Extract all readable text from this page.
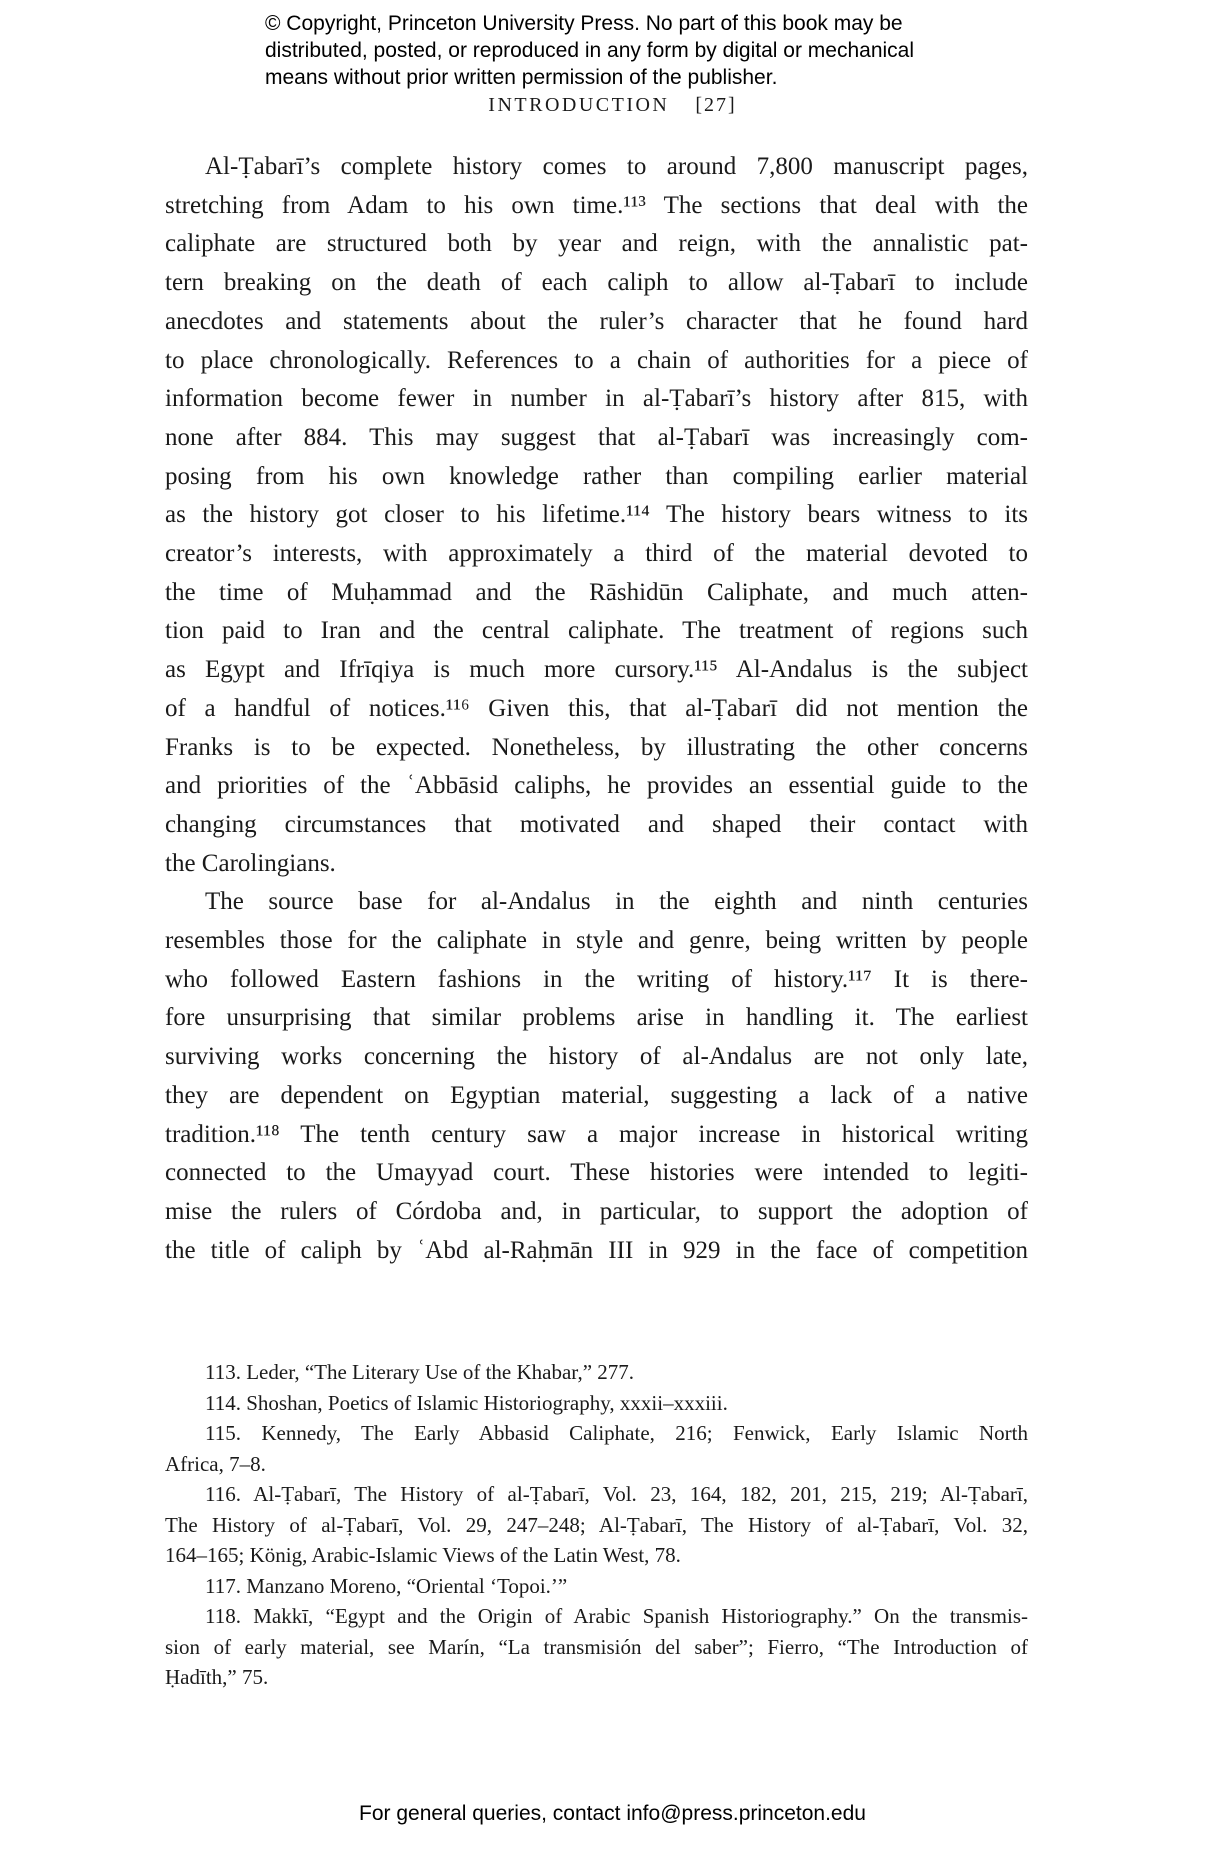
© Copyright, Princeton University Press. No part of this book may be
distributed, posted, or reproduced in any form by digital or mechanical
means without prior written permission of the publisher.
INTRODUCTION [27]
Al-Ṭabarī’s complete history comes to around 7,800 manuscript pages,
stretching from Adam to his own time.¹¹³ The sections that deal with the
caliphate are structured both by year and reign, with the annalistic pat-
tern breaking on the death of each caliph to allow al-Ṭabarī to include
anecdotes and statements about the ruler’s character that he found hard
to place chronologically. References to a chain of authorities for a piece of
information become fewer in number in al-Ṭabarī’s history after 815, with
none after 884. This may suggest that al-Ṭabarī was increasingly com-
posing from his own knowledge rather than compiling earlier material
as the history got closer to his lifetime.¹¹⁴ The history bears witness to its
creator’s interests, with approximately a third of the material devoted to
the time of Muḥammad and the Rāshidūn Caliphate, and much atten-
tion paid to Iran and the central caliphate. The treatment of regions such
as Egypt and Ifrīqiya is much more cursory.¹¹⁵ Al-Andalus is the subject
of a handful of notices.¹¹⁶ Given this, that al-Ṭabarī did not mention the
Franks is to be expected. Nonetheless, by illustrating the other concerns
and priorities of the ʿAbbāsid caliphs, he provides an essential guide to the
changing circumstances that motivated and shaped their contact with
the Carolingians.
The source base for al-Andalus in the eighth and ninth centuries
resembles those for the caliphate in style and genre, being written by people
who followed Eastern fashions in the writing of history.¹¹⁷ It is there-
fore unsurprising that similar problems arise in handling it. The earliest
surviving works concerning the history of al-Andalus are not only late,
they are dependent on Egyptian material, suggesting a lack of a native
tradition.¹¹⁸ The tenth century saw a major increase in historical writing
connected to the Umayyad court. These histories were intended to legiti-
mise the rulers of Córdoba and, in particular, to support the adoption of
the title of caliph by ʿAbd al-Raḥmān III in 929 in the face of competition
113. Leder, “The Literary Use of the Khabar,” 277.
114. Shoshan, Poetics of Islamic Historiography, xxxii–xxxiii.
115. Kennedy, The Early Abbasid Caliphate, 216; Fenwick, Early Islamic North
Africa, 7–8.
116. Al-Ṭabarī, The History of al-Ṭabarī, Vol. 23, 164, 182, 201, 215, 219; Al-Ṭabarī,
The History of al-Ṭabarī, Vol. 29, 247–248; Al-Ṭabarī, The History of al-Ṭabarī, Vol. 32,
164–165; König, Arabic-Islamic Views of the Latin West, 78.
117. Manzano Moreno, “Oriental ‘Topoi.’”
118. Makkī, “Egypt and the Origin of Arabic Spanish Historiography.” On the transmis-
sion of early material, see Marín, “La transmisión del saber”; Fierro, “The Introduction of
Ḥadīth,” 75.
For general queries, contact info@press.princeton.edu
